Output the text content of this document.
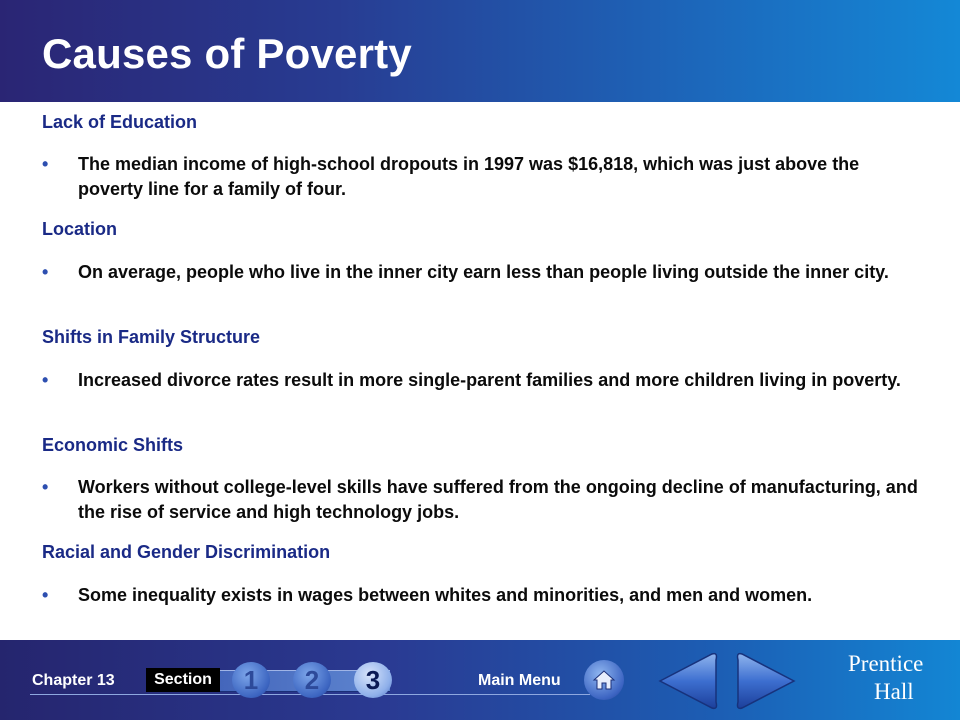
Causes of Poverty
Lack of Education
• The median income of high-school dropouts in 1997 was $16,818, which was just above the poverty line for a family of four.
Location
• On average, people who live in the inner city earn less than people living outside the inner city.
Shifts in Family Structure
• Increased divorce rates result in more single-parent families and more children living in poverty.
Economic Shifts
• Workers without college-level skills have suffered from the ongoing decline of manufacturing, and the rise of service and high technology jobs.
Racial and Gender Discrimination
• Some inequality exists in wages between whites and minorities, and men and women.
Chapter 13	Section	1	2	3	Main Menu
Prentice
Hall
